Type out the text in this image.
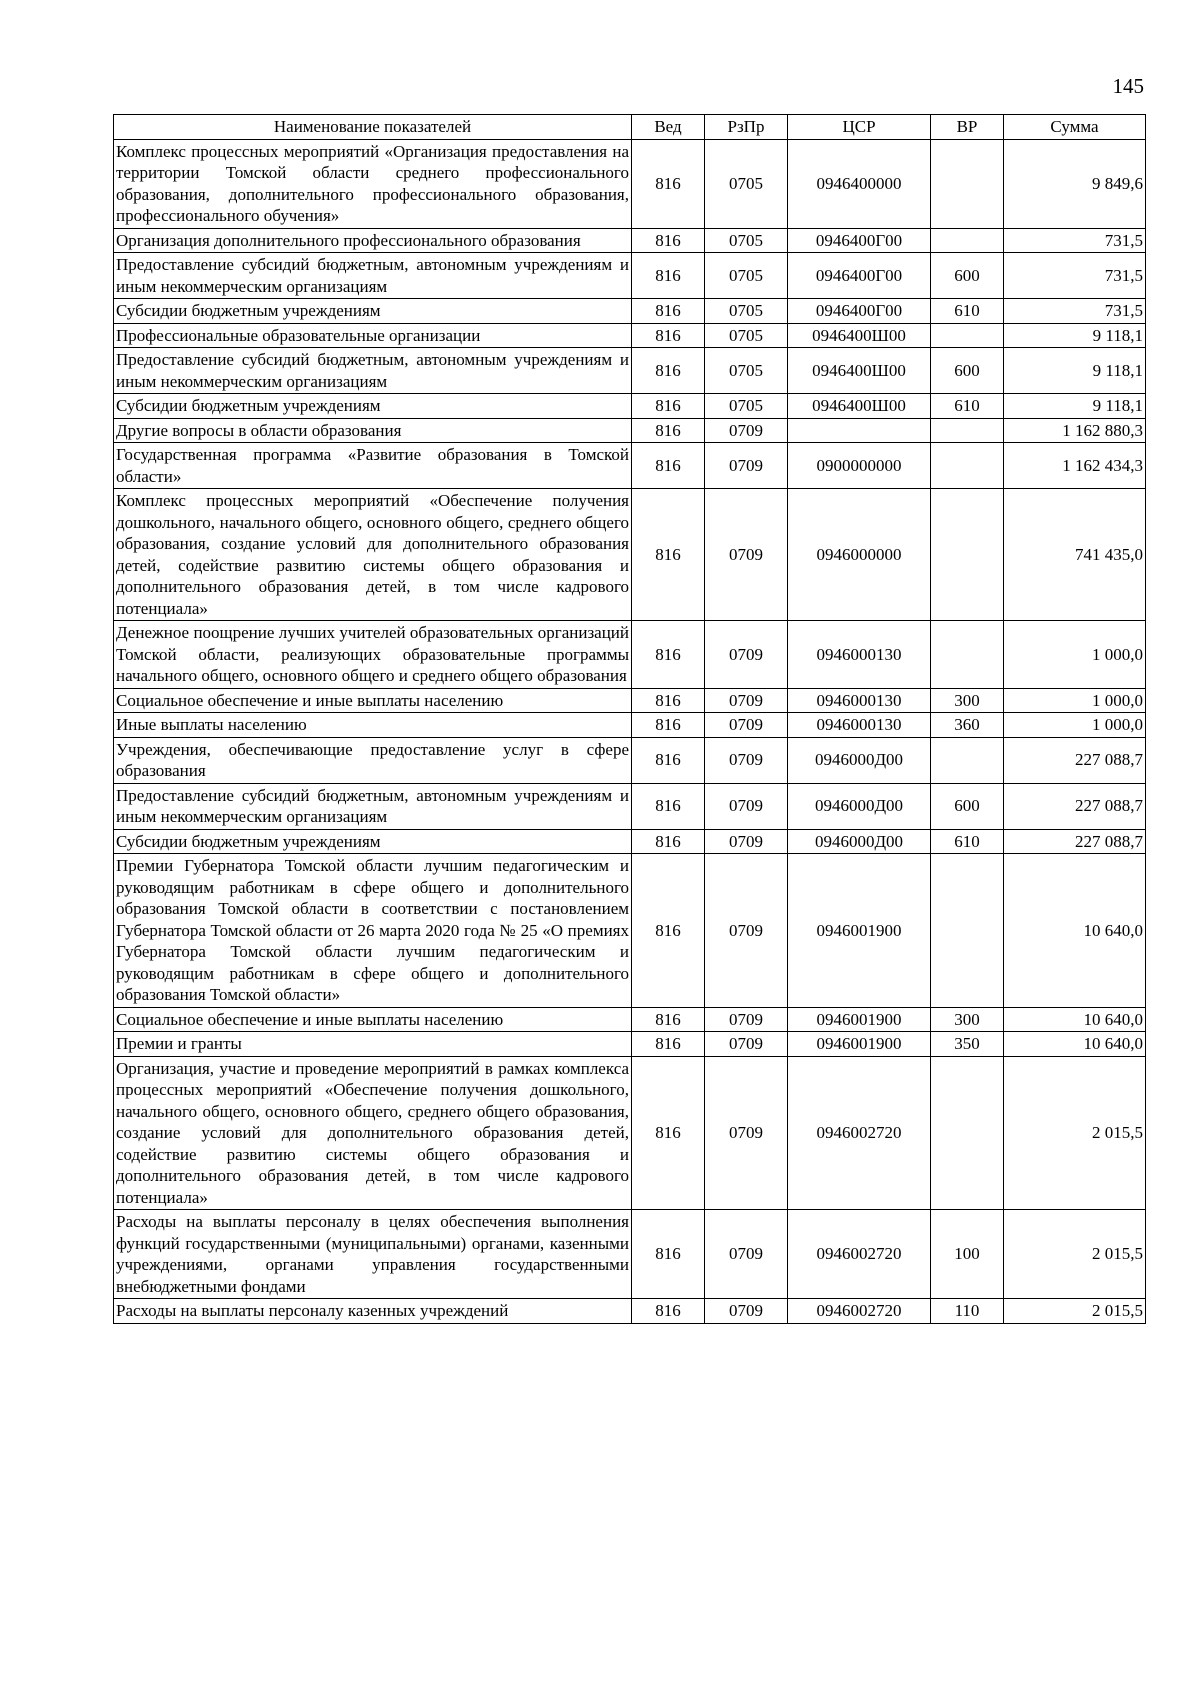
145
Наименование показателей	Вед	РзПр	ЦСР	ВР	Сумма
Комплекс процессных мероприятий «Организация предоставления на территории Томской области среднего профессионального образования, дополнительного профессионального образования, профессионального обучения»	816	0705	0946400000		9 849,6
Организация дополнительного профессионального образования	816	0705	0946400Г00		731,5
Предоставление субсидий бюджетным, автономным учреждениям и иным некоммерческим организациям	816	0705	0946400Г00	600	731,5
Субсидии бюджетным учреждениям	816	0705	0946400Г00	610	731,5
Профессиональные образовательные организации	816	0705	0946400Ш00		9 118,1
Предоставление субсидий бюджетным, автономным учреждениям и иным некоммерческим организациям	816	0705	0946400Ш00	600	9 118,1
Субсидии бюджетным учреждениям	816	0705	0946400Ш00	610	9 118,1
Другие вопросы в области образования	816	0709			1 162 880,3
Государственная программа «Развитие образования в Томской области»	816	0709	0900000000		1 162 434,3
Комплекс процессных мероприятий «Обеспечение получения дошкольного, начального общего, основного общего, среднего общего образования, создание условий для дополнительного образования детей, содействие развитию системы общего образования и дополнительного образования детей, в том числе кадрового потенциала»	816	0709	0946000000		741 435,0
Денежное поощрение лучших учителей образовательных организаций Томской области, реализующих образовательные программы начального общего, основного общего и среднего общего образования	816	0709	0946000130		1 000,0
Социальное обеспечение и иные выплаты населению	816	0709	0946000130	300	1 000,0
Иные выплаты населению	816	0709	0946000130	360	1 000,0
Учреждения, обеспечивающие предоставление услуг в сфере образования	816	0709	0946000Д00		227 088,7
Предоставление субсидий бюджетным, автономным учреждениям и иным некоммерческим организациям	816	0709	0946000Д00	600	227 088,7
Субсидии бюджетным учреждениям	816	0709	0946000Д00	610	227 088,7
Премии Губернатора Томской области лучшим педагогическим и руководящим работникам в сфере общего и дополнительного образования Томской области в соответствии с постановлением Губернатора Томской области от 26 марта 2020 года № 25 «О премиях Губернатора Томской области лучшим педагогическим и руководящим работникам в сфере общего и дополнительного образования Томской области»	816	0709	0946001900		10 640,0
Социальное обеспечение и иные выплаты населению	816	0709	0946001900	300	10 640,0
Премии и гранты	816	0709	0946001900	350	10 640,0
Организация, участие и проведение мероприятий в рамках комплекса процессных мероприятий «Обеспечение получения дошкольного, начального общего, основного общего, среднего общего образования, создание условий для дополнительного образования детей, содействие развитию системы общего образования и дополнительного образования детей, в том числе кадрового потенциала»	816	0709	0946002720		2 015,5
Расходы на выплаты персоналу в целях обеспечения выполнения функций государственными (муниципальными) органами, казенными учреждениями, органами управления государственными внебюджетными фондами	816	0709	0946002720	100	2 015,5
Расходы на выплаты персоналу казенных учреждений	816	0709	0946002720	110	2 015,5
